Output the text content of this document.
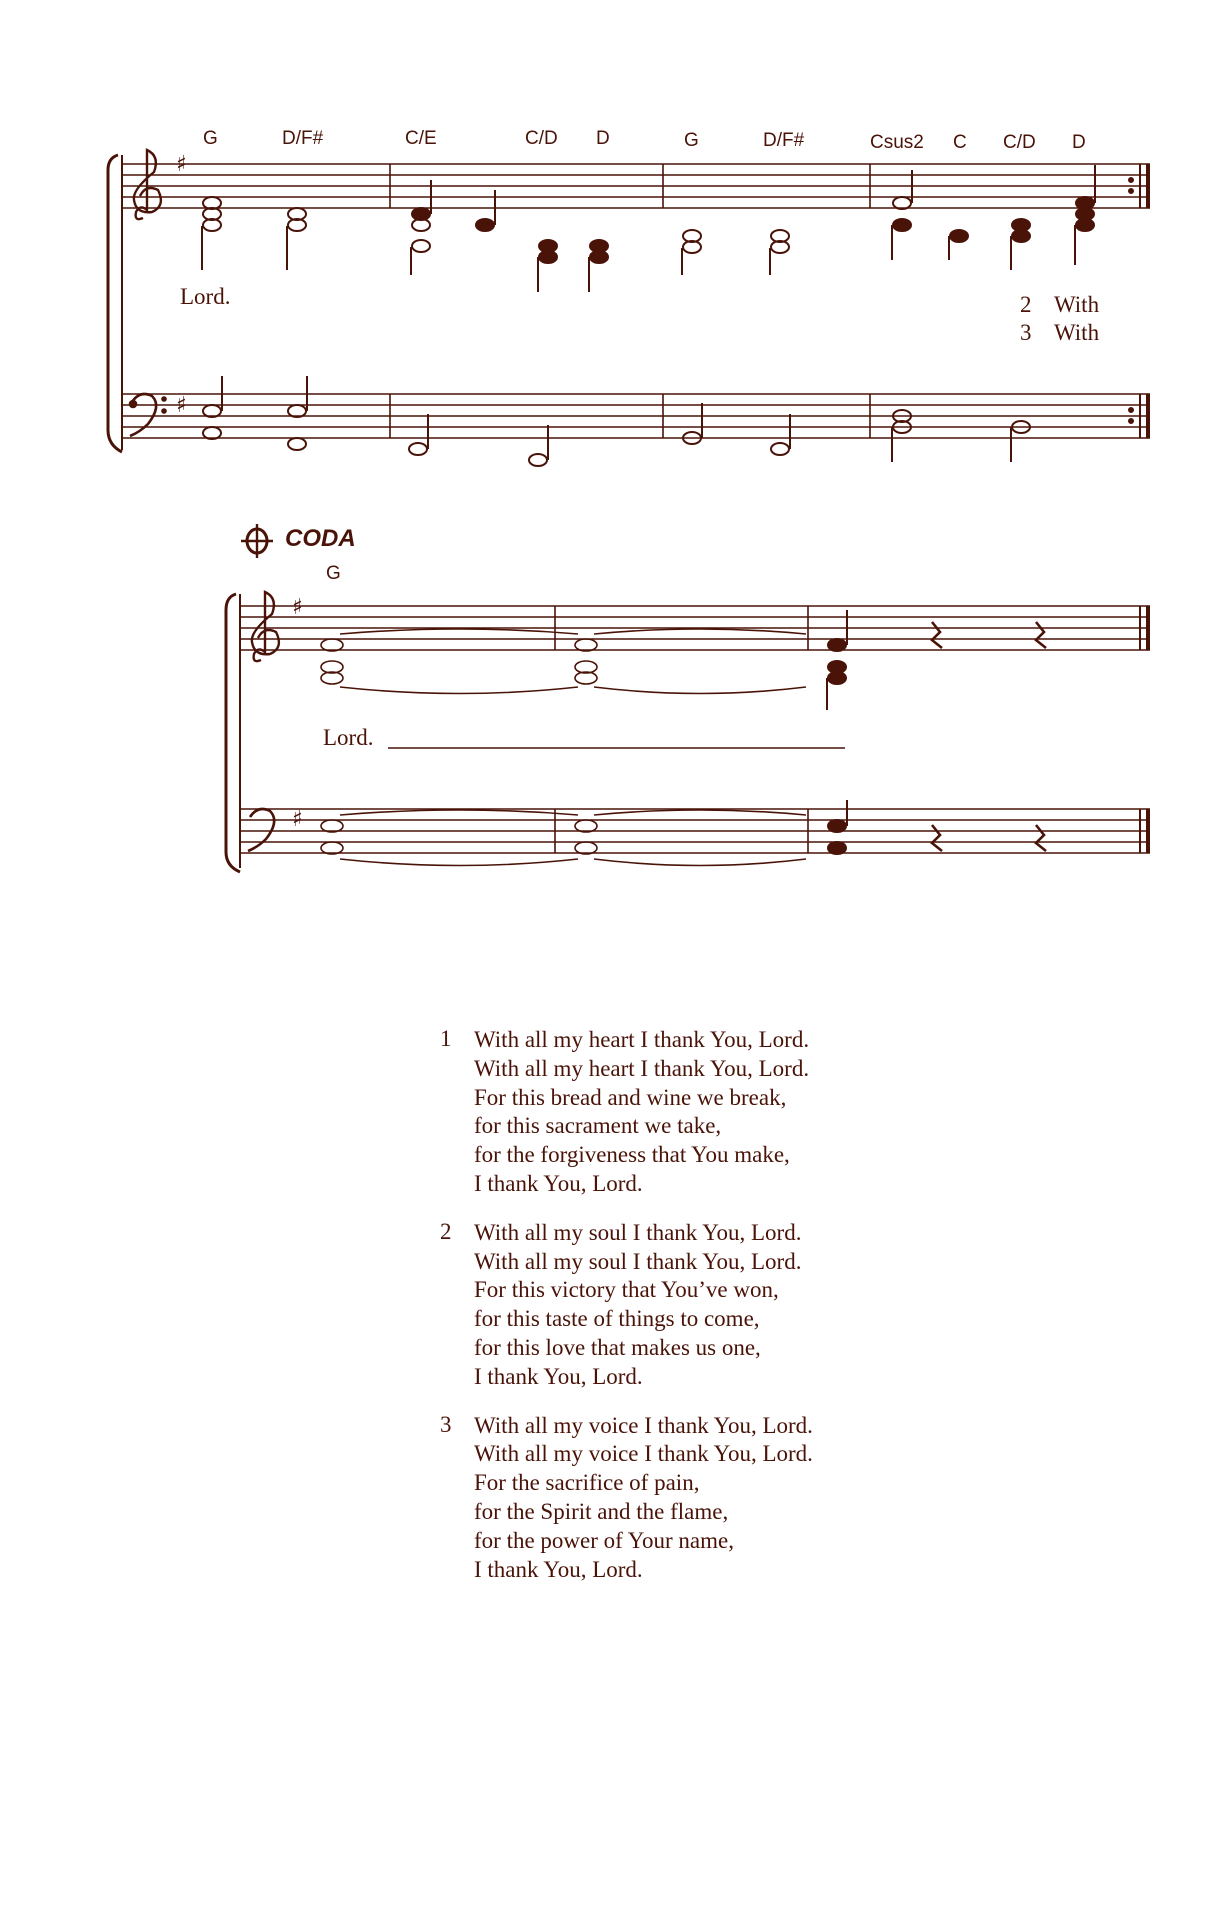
♯
♯
♯
♯
G	D/F#	C/E	C/D D	G	D/F#	Csus2 C C/D D
Lord.	2 With
3 With
CODA
G
Lord.
1 With all my heart I thank You, Lord.
With all my heart I thank You, Lord.
For this bread and wine we break,
for this sacrament we take,
for the forgiveness that You make,
I thank You, Lord.
2 With all my soul I thank You, Lord.
With all my soul I thank You, Lord.
For this victory that You’ve won,
for this taste of things to come,
for this love that makes us one,
I thank You, Lord.
3 With all my voice I thank You, Lord.
With all my voice I thank You, Lord.
For the sacrifice of pain,
for the Spirit and the flame,
for the power of Your name,
I thank You, Lord.
